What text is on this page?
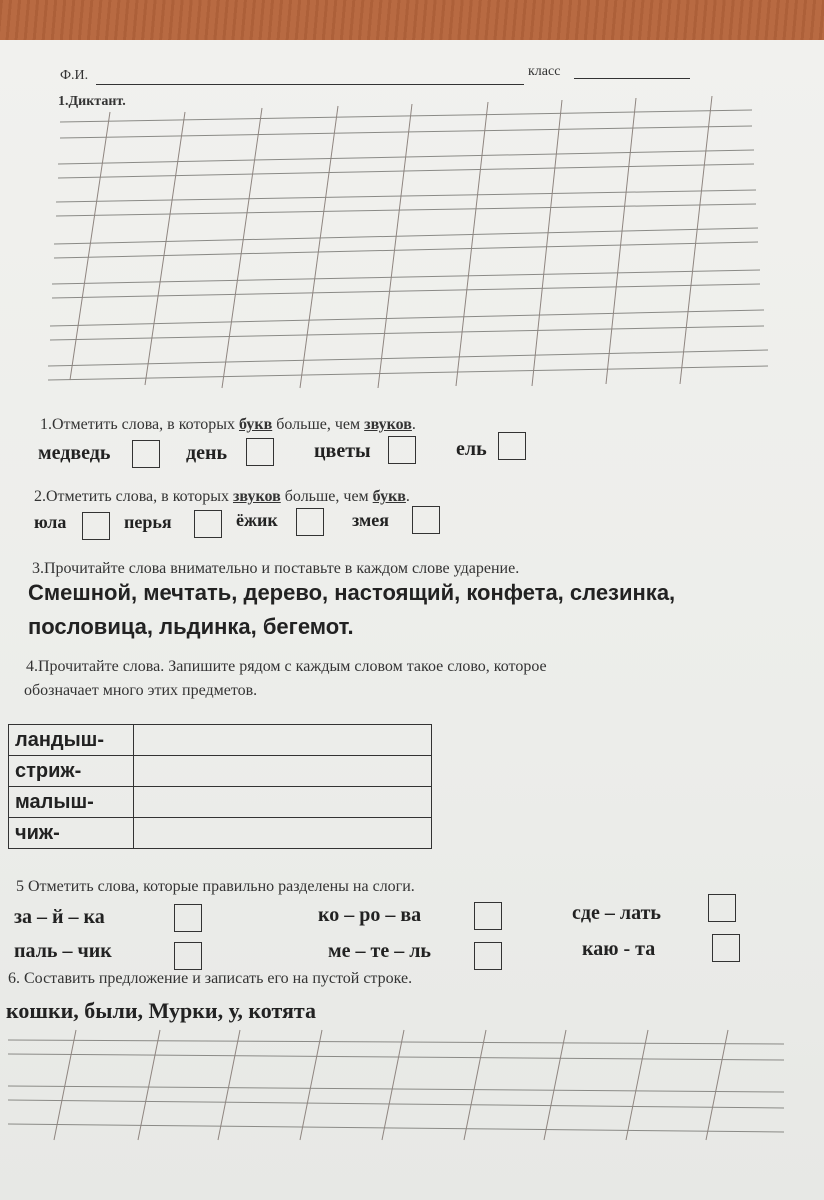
Ф.И.	класс
1.Диктант.
1.Отметить слова, в которых букв больше, чем звуков.
медведь	день	цветы	ель
2.Отметить слова, в которых звуков больше, чем букв.
юла	перья	ёжик	змея
3.Прочитайте слова внимательно и поставьте в каждом слове ударение.
Смешной, мечтать, дерево, настоящий, конфета, слезинка,
пословица, льдинка, бегемот.
4.Прочитайте слова. Запишите рядом с каждым словом такое слово, которое
обозначает много этих предметов.
ландыш-	
стриж-	
малыш-	
чиж-	
5 Отметить слова, которые правильно разделены на слоги.
за – й – ка	ко – ро – ва	сде – лать
паль – чик	ме – те – ль	каю - та
6. Составить предложение и записать его на пустой строке.
кошки, были, Мурки, у, котята
